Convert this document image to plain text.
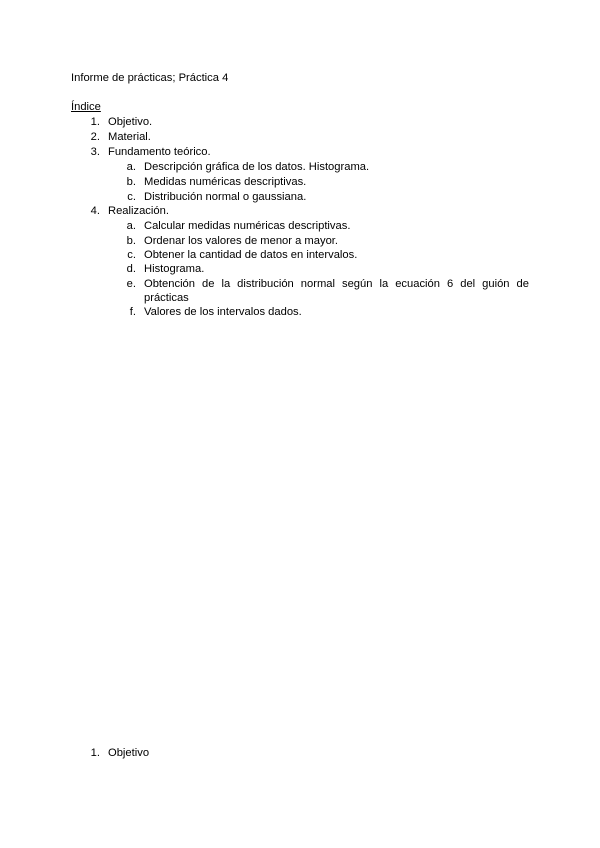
Informe de prácticas; Práctica 4
Índice
1. Objetivo.
2. Material.
3. Fundamento teórico.
a. Descripción gráfica de los datos. Histograma.
b. Medidas numéricas descriptivas.
c. Distribución normal o gaussiana.
4. Realización.
a. Calcular medidas numéricas descriptivas.
b. Ordenar los valores de menor a mayor.
c. Obtener la cantidad de datos en intervalos.
d. Histograma.
e. Obtención de la distribución normal según la ecuación 6 del guión de prácticas
f. Valores de los intervalos dados.
1. Objetivo
